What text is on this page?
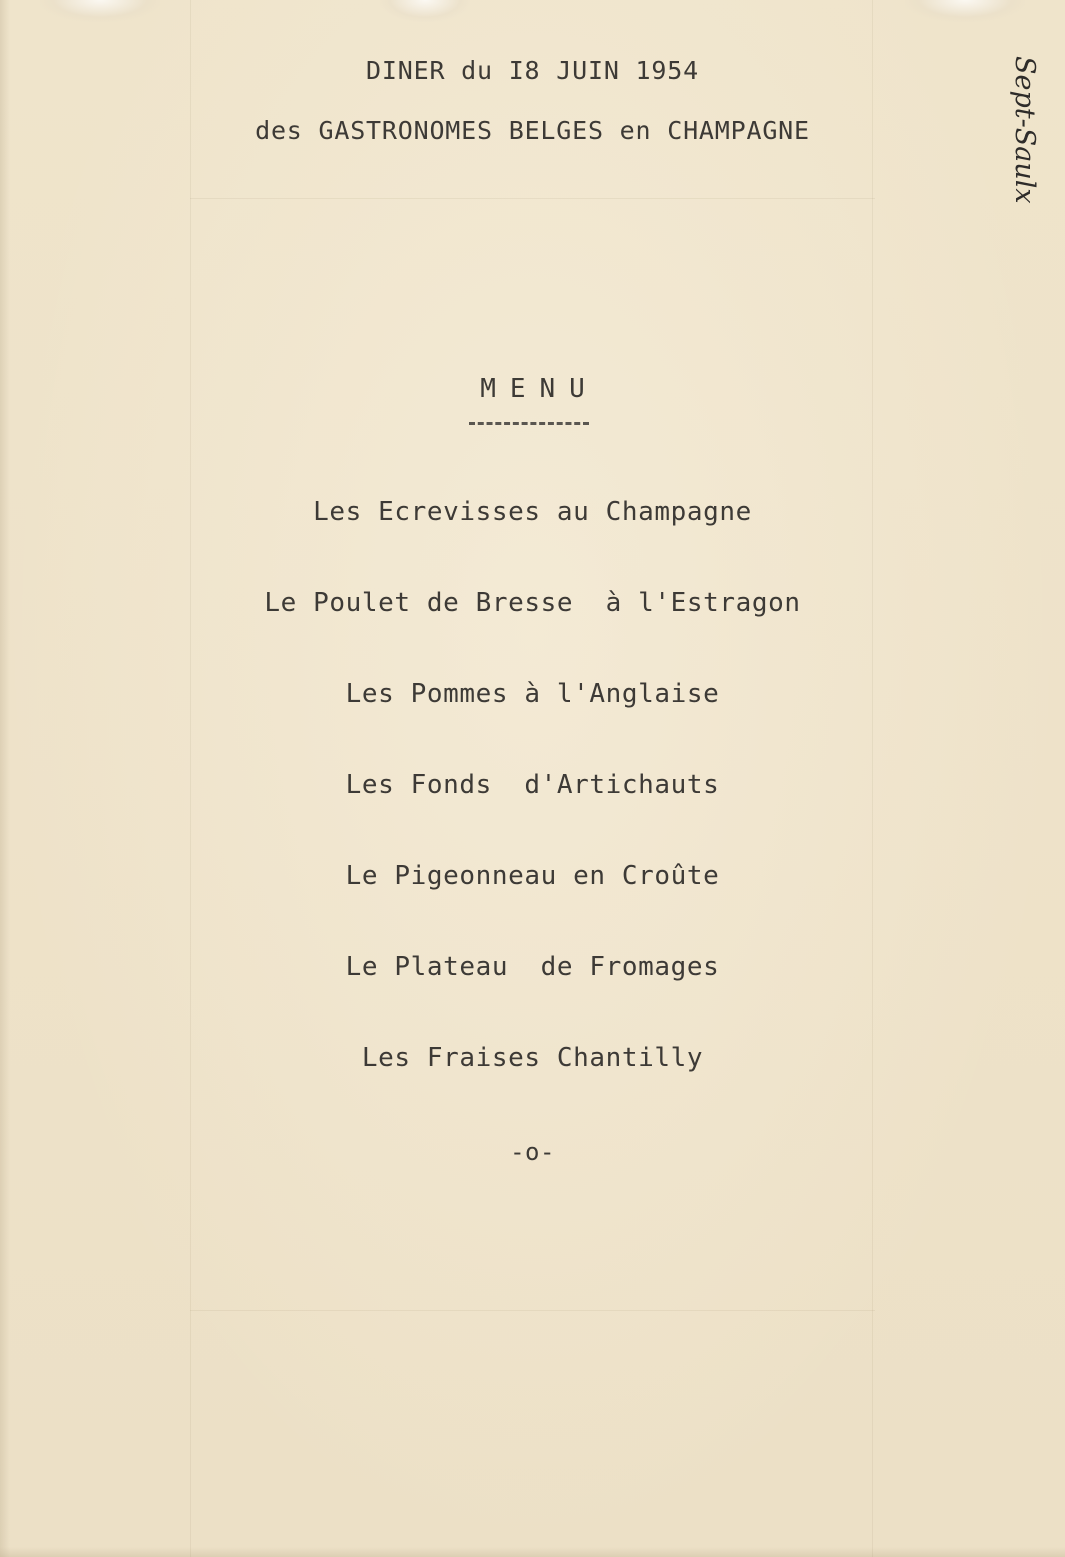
DINER du I8 JUIN 1954
des GASTRONOMES BELGES en CHAMPAGNE
MENU
Les Ecrevisses au Champagne
Le Poulet de Bresse  à l'Estragon
Les Pommes à l'Anglaise
Les Fonds  d'Artichauts
Le Pigeonneau en Croûte
Le Plateau  de Fromages
Les Fraises Chantilly
-o-
Sept-Saulx
